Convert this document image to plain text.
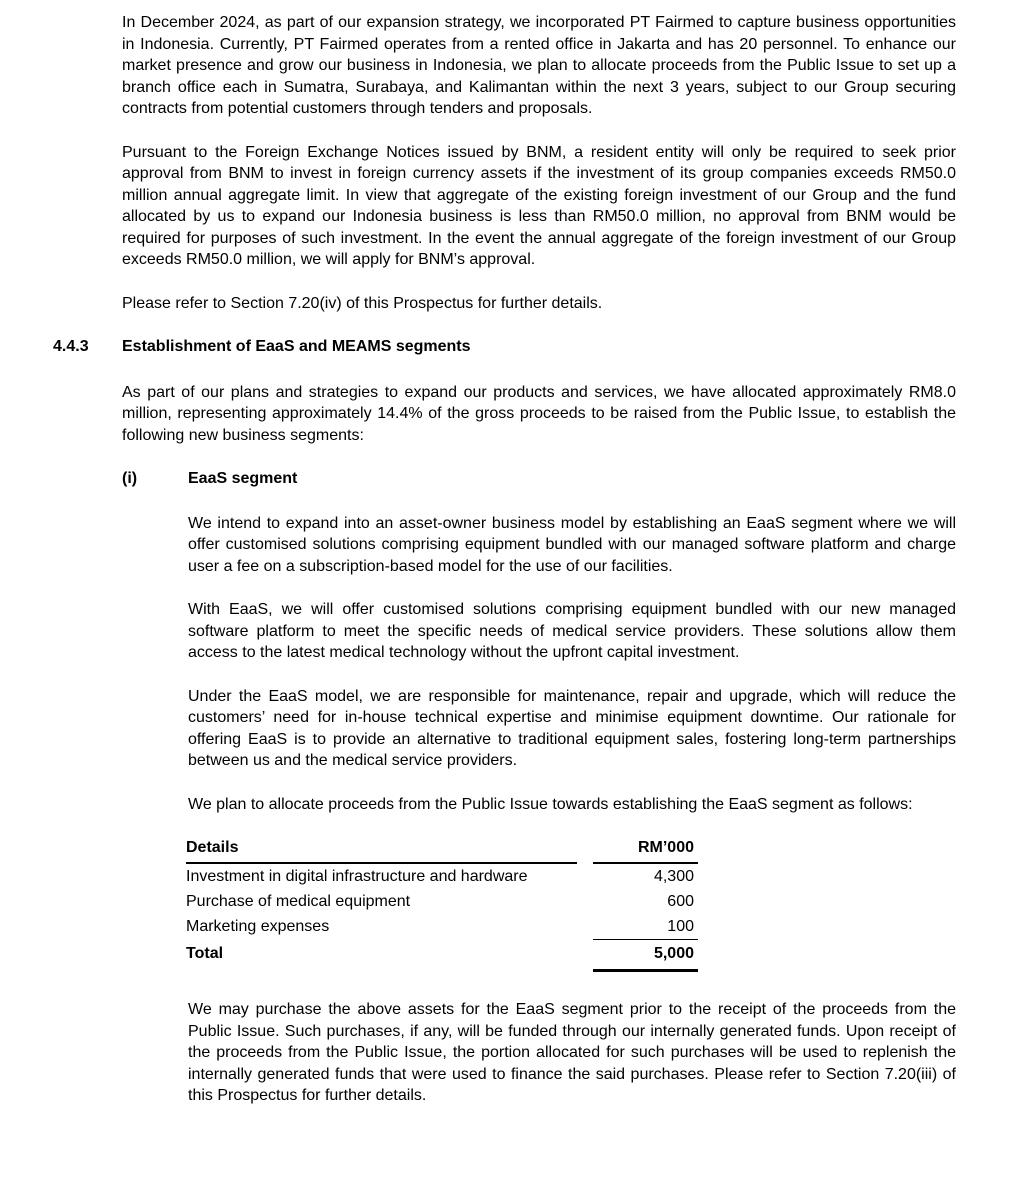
In December 2024, as part of our expansion strategy, we incorporated PT Fairmed to capture business opportunities in Indonesia. Currently, PT Fairmed operates from a rented office in Jakarta and has 20 personnel. To enhance our market presence and grow our business in Indonesia, we plan to allocate proceeds from the Public Issue to set up a branch office each in Sumatra, Surabaya, and Kalimantan within the next 3 years, subject to our Group securing contracts from potential customers through tenders and proposals.

Pursuant to the Foreign Exchange Notices issued by BNM, a resident entity will only be required to seek prior approval from BNM to invest in foreign currency assets if the investment of its group companies exceeds RM50.0 million annual aggregate limit. In view that aggregate of the existing foreign investment of our Group and the fund allocated by us to expand our Indonesia business is less than RM50.0 million, no approval from BNM would be required for purposes of such investment. In the event the annual aggregate of the foreign investment of our Group exceeds RM50.0 million, we will apply for BNM’s approval.

Please refer to Section 7.20(iv) of this Prospectus for further details.

4.4.3	Establishment of EaaS and MEAMS segments

As part of our plans and strategies to expand our products and services, we have allocated approximately RM8.0 million, representing approximately 14.4% of the gross proceeds to be raised from the Public Issue, to establish the following new business segments:

(i)	EaaS segment

We intend to expand into an asset-owner business model by establishing an EaaS segment where we will offer customised solutions comprising equipment bundled with our managed software platform and charge user a fee on a subscription-based model for the use of our facilities.

With EaaS, we will offer customised solutions comprising equipment bundled with our new managed software platform to meet the specific needs of medical service providers. These solutions allow them access to the latest medical technology without the upfront capital investment.

Under the EaaS model, we are responsible for maintenance, repair and upgrade, which will reduce the customers’ need for in-house technical expertise and minimise equipment downtime. Our rationale for offering EaaS is to provide an alternative to traditional equipment sales, fostering long-term partnerships between us and the medical service providers.

We plan to allocate proceeds from the Public Issue towards establishing the EaaS segment as follows:

Details		RM’000
Investment in digital infrastructure and hardware		4,300
Purchase of medical equipment		600
Marketing expenses		100
Total		5,000

We may purchase the above assets for the EaaS segment prior to the receipt of the proceeds from the Public Issue. Such purchases, if any, will be funded through our internally generated funds. Upon receipt of the proceeds from the Public Issue, the portion allocated for such purchases will be used to replenish the internally generated funds that were used to finance the said purchases. Please refer to Section 7.20(iii) of this Prospectus for further details.
